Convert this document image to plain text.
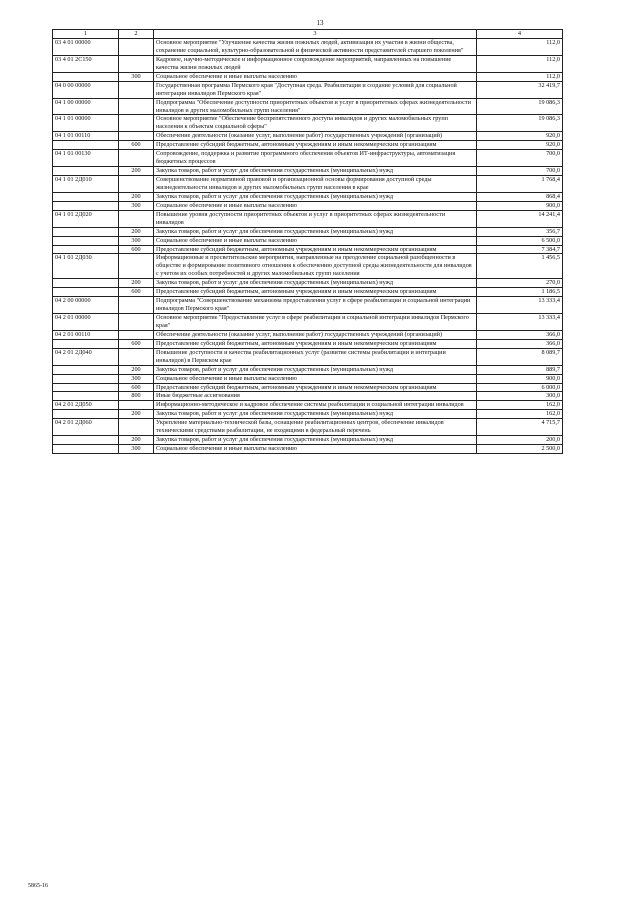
13
1	2	3	4
03 4 01 00000		Основное мероприятие "Улучшение качества жизни пожилых людей, активизация их участия в жизни общества, сохранение социальной, культурно-образовательной и физической активности представителей старшего поколения"	112,0
03 4 01 2С150		Кадровое, научно-методическое и информационное сопровождение мероприятий, направленных на повышение качества жизни пожилых людей	112,0
	300	Социальное обеспечение и иные выплаты населению	112,0
04 0 00 00000		Государственная программа Пермского края "Доступная среда. Реабилитация и создание условий для социальной интеграции инвалидов Пермского края"	32 419,7
04 1 00 00000		Подпрограмма "Обеспечение доступности приоритетных объектов и услуг в приоритетных сферах жизнедеятельности инвалидов и других маломобильных групп населения"	19 086,3
04 1 01 00000		Основное мероприятие "Обеспечение беспрепятственного доступа инвалидов и других маломобильных групп населения к объектам социальной сферы"	19 086,3
04 1 01 00110		Обеспечение деятельности (оказание услуг, выполнение работ) государственных учреждений (организаций)	920,0
	600	Предоставление субсидий бюджетным, автономным учреждениям и иным некоммерческим организациям	920,0
04 1 01 00130		Сопровождение, поддержка и развитие программного обеспечения объектов ИТ-инфраструктуры, автоматизация бюджетных процессов	700,0
	200	Закупка товаров, работ и услуг для обеспечения государственных (муниципальных) нужд	700,0
04 1 01 2Д010		Совершенствование нормативной правовой и организационной основы формирования доступной среды жизнедеятельности инвалидов и других маломобильных групп населения в крае	1 768,4
	200	Закупка товаров, работ и услуг для обеспечения государственных (муниципальных) нужд	868,4
	300	Социальное обеспечение и иные выплаты населению	900,0
04 1 01 2Д020		Повышение уровня доступности приоритетных объектов и услуг в приоритетных сферах жизнедеятельности инвалидов	14 241,4
	200	Закупка товаров, работ и услуг для обеспечения государственных (муниципальных) нужд	356,7
	300	Социальное обеспечение и иные выплаты населению	6 500,0
	600	Предоставление субсидий бюджетным, автономным учреждениям и иным некоммерческим организациям	7 384,7
04 1 01 2Д030		Информационные и просветительские мероприятия, направленные на преодоление социальной разобщенности в обществе и формирование позитивного отношения к обеспечению доступной среды жизнедеятельности для инвалидов с учетом их особых потребностей и других маломобильных групп населения	1 456,5
	200	Закупка товаров, работ и услуг для обеспечения государственных (муниципальных) нужд	270,0
	600	Предоставление субсидий бюджетным, автономным учреждениям и иным некоммерческим организациям	1 186,5
04 2 00 00000		Подпрограмма "Совершенствование механизма предоставления услуг в сфере реабилитации и социальной интеграции инвалидов Пермского края"	13 333,4
04 2 01 00000		Основное мероприятие "Предоставление услуг в сфере реабилитации и социальной интеграции инвалидов Пермского края"	13 333,4
04 2 01 00110		Обеспечение деятельности (оказание услуг, выполнение работ) государственных учреждений (организаций)	366,0
	600	Предоставление субсидий бюджетным, автономным учреждениям и иным некоммерческим организациям	366,0
04 2 01 2Д040		Повышение доступности и качества реабилитационных услуг (развитие системы реабилитации и интеграции инвалидов) в Пермском крае	8 089,7
	200	Закупка товаров, работ и услуг для обеспечения государственных (муниципальных) нужд	889,7
	300	Социальное обеспечение и иные выплаты населению	900,0
	600	Предоставление субсидий бюджетным, автономным учреждениям и иным некоммерческим организациям	6 000,0
	800	Иные бюджетные ассигнования	300,0
04 2 01 2Д050		Информационно-методическое и кадровое обеспечение системы реабилитации и социальной интеграции инвалидов	162,0
	200	Закупка товаров, работ и услуг для обеспечения государственных (муниципальных) нужд	162,0
04 2 01 2Д060		Укрепление материально-технической базы, оснащение реабилитационных центров, обеспечение инвалидов техническими средствами реабилитации, не входящими в федеральный перечень	4 715,7
	200	Закупка товаров, работ и услуг для обеспечения государственных (муниципальных) нужд	200,0
	300	Социальное обеспечение и иные выплаты населению	2 500,0
5865-16
